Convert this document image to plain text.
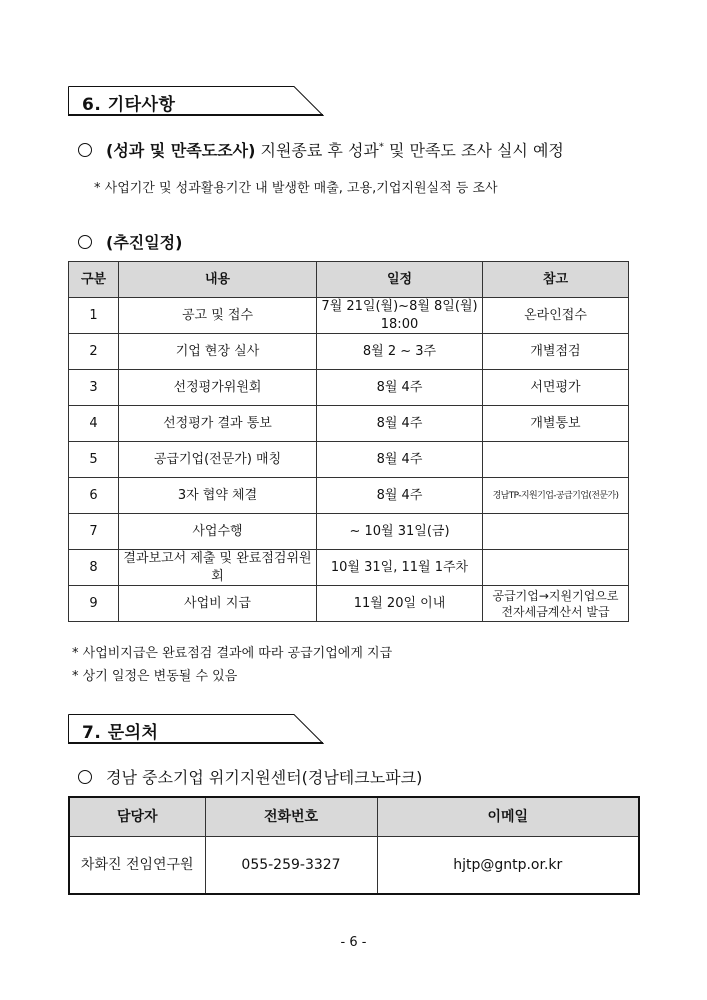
6. 기타사항
(성과 및 만족도조사) 지원종료 후 성과* 및 만족도 조사 실시 예정
* 사업기간 및 성과활용기간 내 발생한 매출, 고용,기업지원실적 등 조사
(추진일정)
구분	내용	일정	참고
1	공고 및 접수	7월 21일(월)~8월 8일(월) 18:00	온라인접수
2	기업 현장 실사	8월 2 ~ 3주	개별점검
3	선정평가위원회	8월 4주	서면평가
4	선정평가 결과 통보	8월 4주	개별통보
5	공급기업(전문가) 매칭	8월 4주	
6	3자 협약 체결	8월 4주	경남TP-지원기업-공급기업(전문가)
7	사업수행	~ 10월 31일(금)	
8	결과보고서 제출 및 완료점검위원회	10월 31일, 11월 1주차	
9	사업비 지급	11월 20일 이내	공급기업→지원기업으로 전자세금계산서 발급
* 사업비지급은 완료점검 결과에 따라 공급기업에게 지급
* 상기 일정은 변동될 수 있음
7. 문의처
경남 중소기업 위기지원센터(경남테크노파크)
담당자	전화번호	이메일
차화진 전임연구원	055-259-3327	hjtp@gntp.or.kr
- 6 -
